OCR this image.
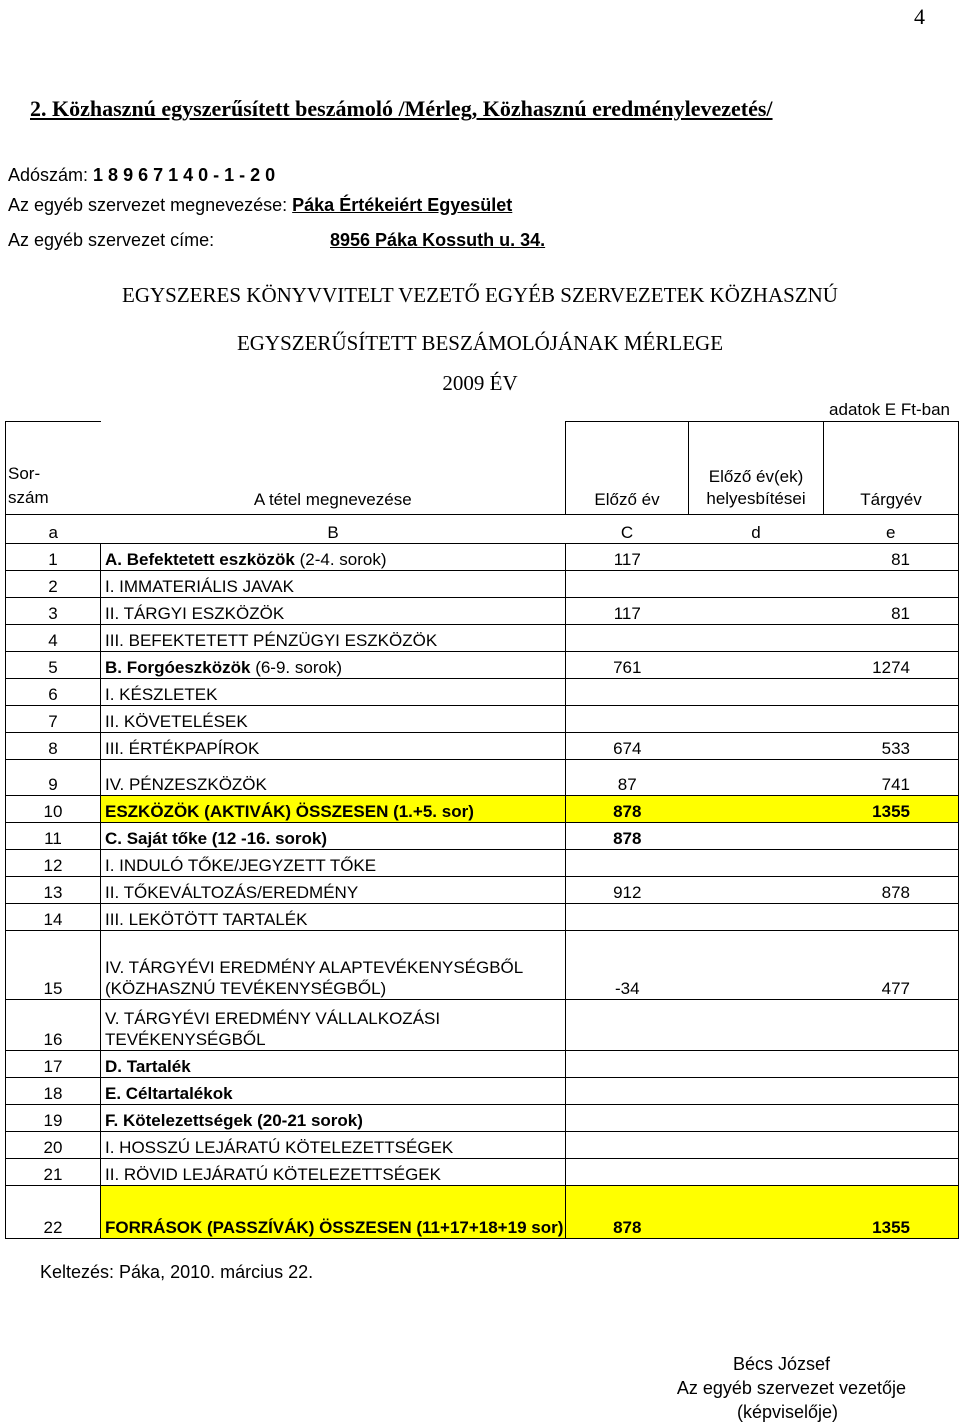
4
2. Közhasznú egyszerűsített beszámoló /Mérleg, Közhasznú eredménylevezetés/
Adószám: 1 8 9 6 7 1 4 0 - 1 - 2 0
Az egyéb szervezet megnevezése: Páka Értékeiért Egyesület
Az egyéb szervezet címe:	8956 Páka Kossuth u. 34.
EGYSZERES KÖNYVVITELT VEZETŐ EGYÉB SZERVEZETEK KÖZHASZNÚ
EGYSZERŰSÍTETT BESZÁMOLÓJÁNAK MÉRLEGE
2009 ÉV
adatok E Ft-ban
Sor-
szám	A tétel megnevezése	Előző év	Előző év(ek)
helyesbítései	Tárgyév
a	B	C	d	e
1	A. Befektetett eszközök (2-4. sorok)	117		81
2	I. IMMATERIÁLIS JAVAK			
3	II. TÁRGYI ESZKÖZÖK	117		81
4	III. BEFEKTETETT PÉNZÜGYI ESZKÖZÖK			
5	B. Forgóeszközök (6-9. sorok)	761		1274
6	I. KÉSZLETEK			
7	II. KÖVETELÉSEK			
8	III. ÉRTÉKPAPÍROK	674		533
9	IV. PÉNZESZKÖZÖK	87		741
10	ESZKÖZÖK (AKTIVÁK) ÖSSZESEN (1.+5. sor)	878		1355
11	C. Saját tőke (12 -16. sorok)	878		
12	I. INDULÓ TŐKE/JEGYZETT TŐKE			
13	II. TŐKEVÁLTOZÁS/EREDMÉNY	912		878
14	III. LEKÖTÖTT TARTALÉK			
15	IV. TÁRGYÉVI EREDMÉNY ALAPTEVÉKENYSÉGBŐL (KÖZHASZNÚ TEVÉKENYSÉGBŐL)	-34		477
16	V. TÁRGYÉVI EREDMÉNY VÁLLALKOZÁSI TEVÉKENYSÉGBŐL			
17	D. Tartalék			
18	E. Céltartalékok			
19	F. Kötelezettségek (20-21 sorok)			
20	I. HOSSZÚ LEJÁRATÚ KÖTELEZETTSÉGEK			
21	II. RÖVID LEJÁRATÚ KÖTELEZETTSÉGEK			
22	FORRÁSOK (PASSZÍVÁK) ÖSSZESEN (11+17+18+19 sor)	878		1355
Keltezés: Páka, 2010. március 22.
Bécs József
Az egyéb szervezet vezetője
(képviselője)
